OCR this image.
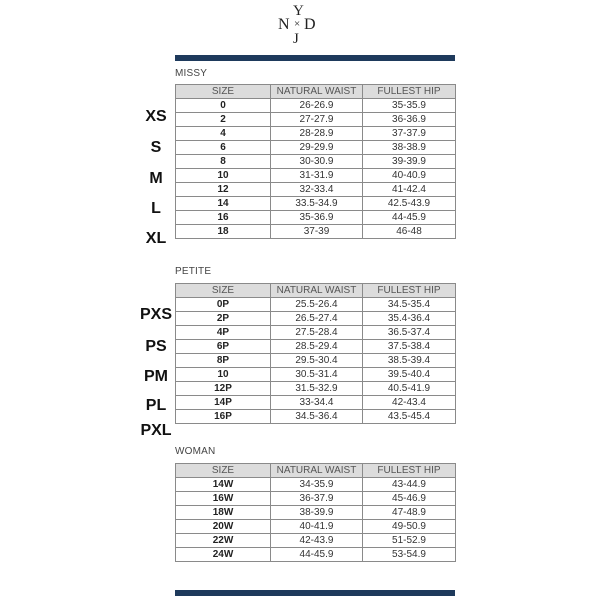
Y
N × D
J
MISSY
SIZE	NATURAL WAIST	FULLEST HIP
0	26-26.9	35-35.9
2	27-27.9	36-36.9
4	28-28.9	37-37.9
6	29-29.9	38-38.9
8	30-30.9	39-39.9
10	31-31.9	40-40.9
12	32-33.4	41-42.4
14	33.5-34.9	42.5-43.9
16	35-36.9	44-45.9
18	37-39	46-48
XS
S
M
L
XL
PETITE
SIZE	NATURAL WAIST	FULLEST HIP
0P	25.5-26.4	34.5-35.4
2P	26.5-27.4	35.4-36.4
4P	27.5-28.4	36.5-37.4
6P	28.5-29.4	37.5-38.4
8P	29.5-30.4	38.5-39.4
10	30.5-31.4	39.5-40.4
12P	31.5-32.9	40.5-41.9
14P	33-34.4	42-43.4
16P	34.5-36.4	43.5-45.4
PXS
PS
PM
PL
PXL
WOMAN
SIZE	NATURAL WAIST	FULLEST HIP
14W	34-35.9	43-44.9
16W	36-37.9	45-46.9
18W	38-39.9	47-48.9
20W	40-41.9	49-50.9
22W	42-43.9	51-52.9
24W	44-45.9	53-54.9
